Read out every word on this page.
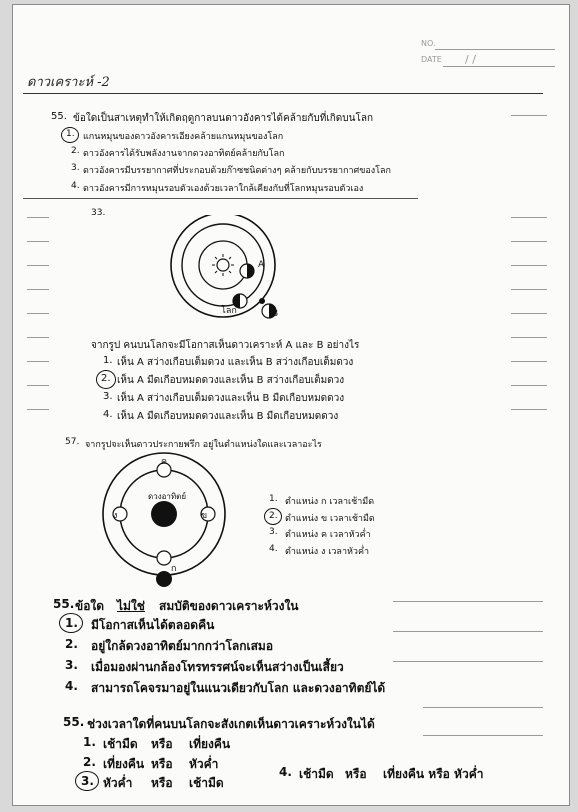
NO.
DATE / /
ดาวเคราะห์ -2
55. ข้อใดเป็นสาเหตุทำให้เกิดฤดูกาลบนดาวอังคารได้คล้ายกับที่เกิดบนโลก
1. แกนหมุนของดาวอังคารเอียงคล้ายแกนหมุนของโลก
2. ดาวอังคารได้รับพลังงานจากดวงอาทิตย์คล้ายกับโลก
3. ดาวอังคารมีบรรยากาศที่ประกอบด้วยก๊าซชนิดต่างๆ คล้ายกับบรรยากาศของโลก
4. ดาวอังคารมีการหมุนรอบตัวเองด้วยเวลาใกล้เคียงกับที่โลกหมุนรอบตัวเอง
33.
A
โลก	B
จากรูป คนบนโลกจะมีโอกาสเห็นดาวเคราะห์ A และ B อย่างไร
1. เห็น A สว่างเกือบเต็มดวง และเห็น B สว่างเกือบเต็มดวง
2. เห็น A มืดเกือบหมดดวงและเห็น B สว่างเกือบเต็มดวง
3. เห็น A สว่างเกือบเต็มดวงและเห็น B มืดเกือบหมดดวง
4. เห็น A มืดเกือบหมดดวงและเห็น B มืดเกือบหมดดวง
57. จากรูปจะเห็นดาวประกายพรึก อยู่ในตำแหน่งใดและเวลาอะไร
ดวงอาทิตย์
ค
ง	ข
ก
1. ตำแหน่ง ก เวลาเช้ามืด
2. ตำแหน่ง ข เวลาเช้ามืด
3. ตำแหน่ง ค เวลาหัวค่ำ
4. ตำแหน่ง ง เวลาหัวค่ำ
55. ข้อใด ไม่ใช่ สมบัติของดาวเคราะห์วงใน
1. มีโอกาสเห็นได้ตลอดคืน
2. อยู่ใกล้ดวงอาทิตย์มากกว่าโลกเสมอ
3. เมื่อมองผ่านกล้องโทรทรรศน์จะเห็นสว่างเป็นเสี้ยว
4. สามารถโคจรมาอยู่ในแนวเดียวกับโลก และดวงอาทิตย์ได้
55. ช่วงเวลาใดที่คนบนโลกจะสังเกตเห็นดาวเคราะห์วงในได้
1. เช้ามืด หรือ เที่ยงคืน
2. เที่ยงคืน หรือ หัวค่ำ
3. หัวค่ำ หรือ เช้ามืด
4. เช้ามืด หรือ เที่ยงคืน หรือ หัวค่ำ
